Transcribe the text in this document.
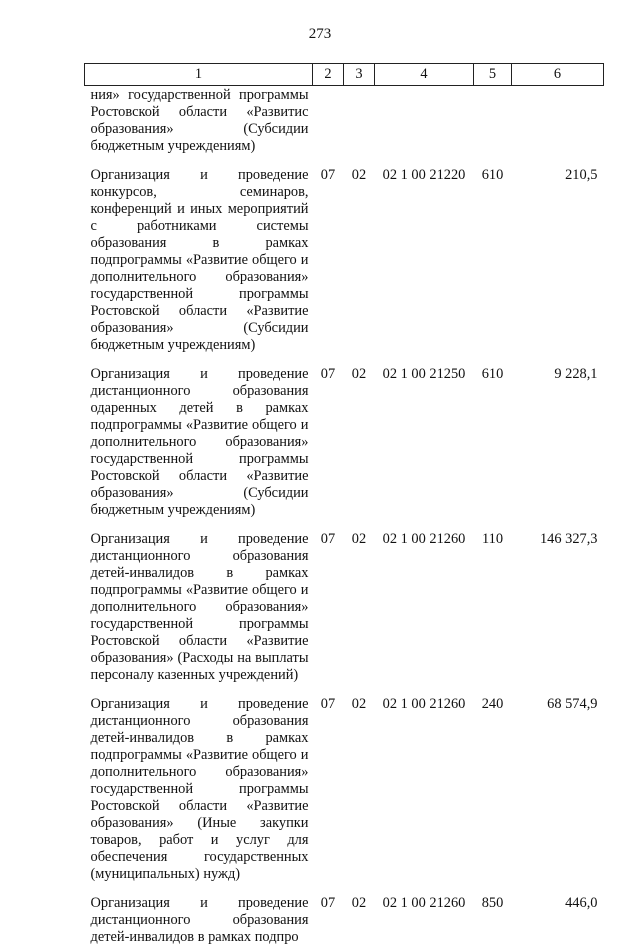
273
1	2	3	4	5	6
ния» государственной программы Ростовской области «Развитис образования» (Субсидии бюджетным учреждениям)					
Организация и проведение конкурсов, семинаров, конференций и иных мероприятий с работниками системы образования в рамках подпрограммы «Развитие общего и дополнительного образования» государственной программы Ростовской области «Развитие образования» (Субсидии бюджетным учреждениям)	07	02	02 1 00 21220	610	210,5
Организация и проведение дистанционного образования одаренных детей в рамках подпрограммы «Развитие общего и дополнительного образования» государственной программы Ростовской области «Развитие образования» (Субсидии бюджетным учреждениям)	07	02	02 1 00 21250	610	9 228,1
Организация и проведение дистанционного образования детей-инвалидов в рамках подпрограммы «Развитие общего и дополнительного образования» государственной программы Ростовской области «Развитие образования» (Расходы на выплаты персоналу казенных учреждений)	07	02	02 1 00 21260	110	146 327,3
Организация и проведение дистанционного образования детей-инвалидов в рамках подпрограммы «Развитие общего и дополнительного образования» государственной программы Ростовской области «Развитие образования» (Иные закупки товаров, работ и услуг для обеспечения государственных (муниципальных) нужд)	07	02	02 1 00 21260	240	68 574,9
Организация и проведение дистанционного образования детей-инвалидов в рамках подпро	07	02	02 1 00 21260	850	446,0
